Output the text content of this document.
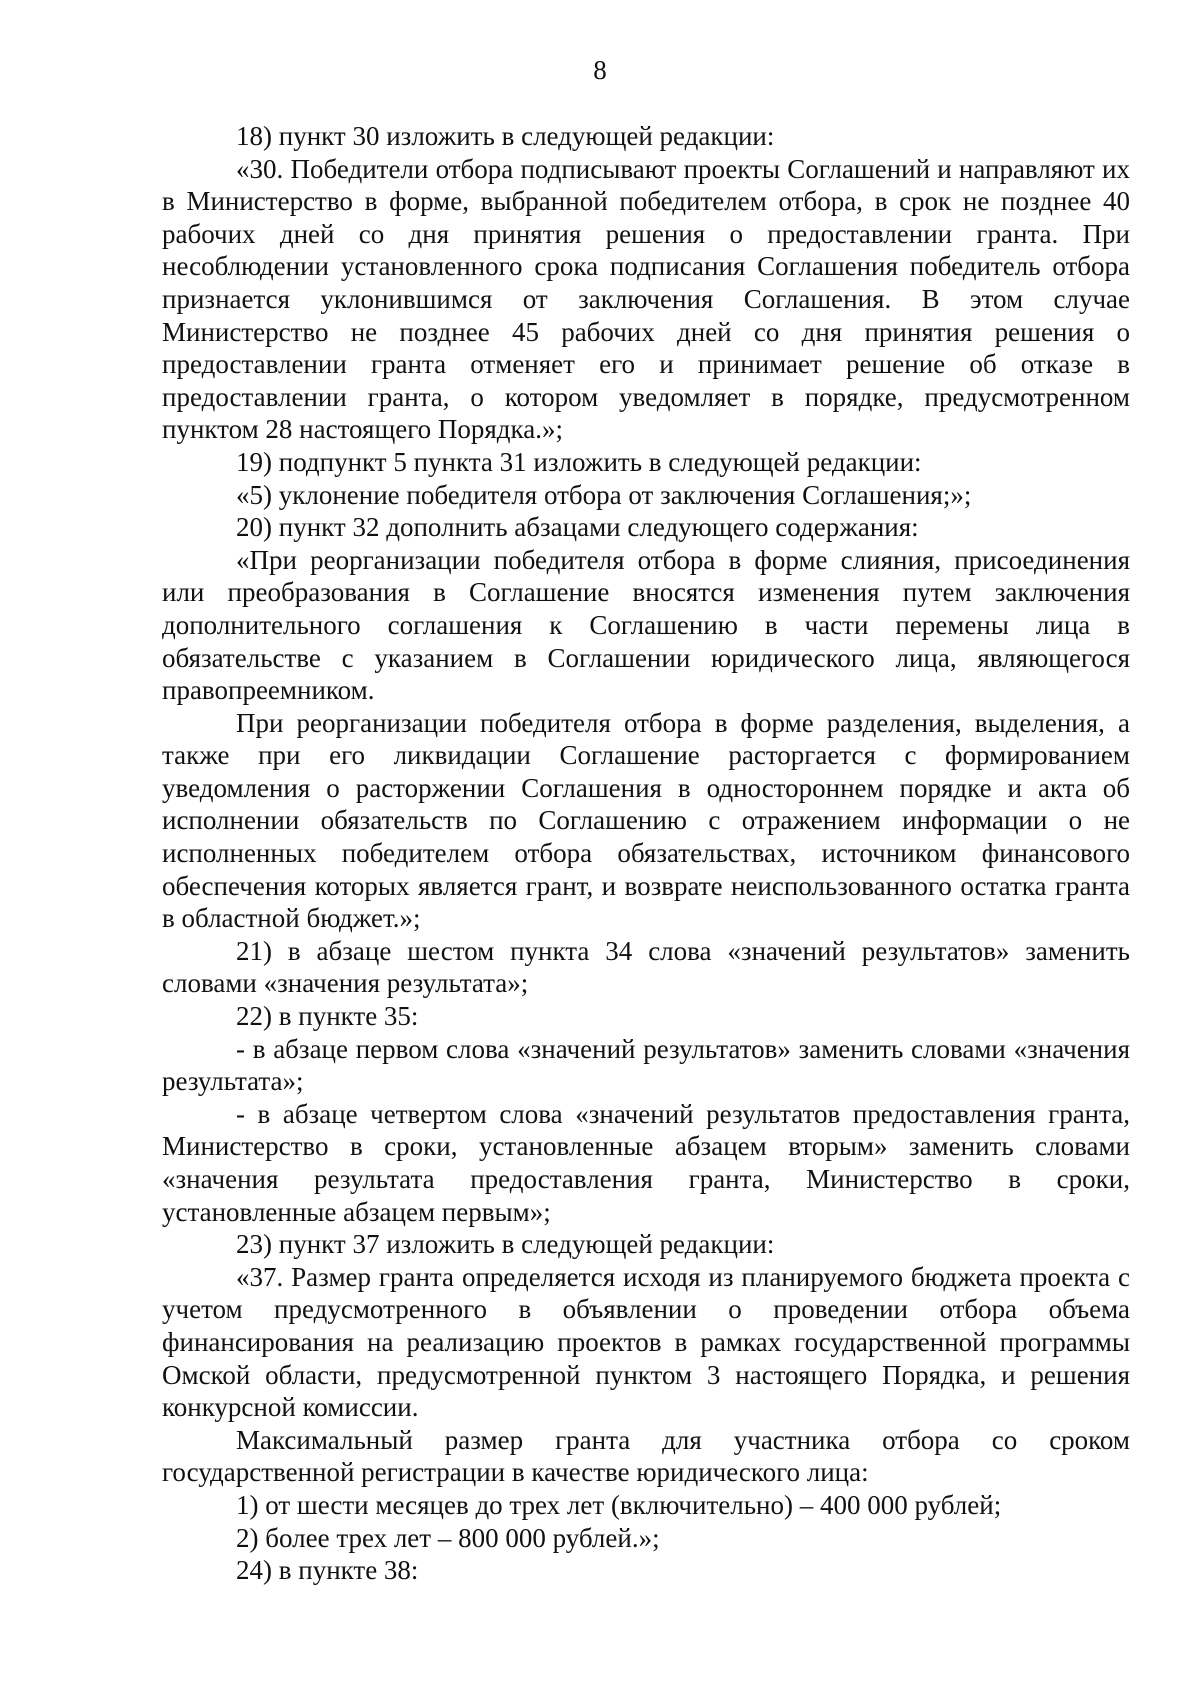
8

18) пункт 30 изложить в следующей редакции:

«30. Победители отбора подписывают проекты Соглашений и направляют их в Министерство в форме, выбранной победителем отбора, в срок не позднее 40 рабочих дней со дня принятия решения о предоставлении гранта. При несоблюдении установленного срока подписания Соглашения победитель отбора признается уклонившимся от заключения Соглашения. В этом случае Министерство не позднее 45 рабочих дней со дня принятия решения о предоставлении гранта отменяет его и принимает решение об отказе в предоставлении гранта, о котором уведомляет в порядке, предусмотренном пунктом 28 настоящего Порядка.»;

19) подпункт 5 пункта 31 изложить в следующей редакции:

«5) уклонение победителя отбора от заключения Соглашения;»;

20) пункт 32 дополнить абзацами следующего содержания:

«При реорганизации победителя отбора в форме слияния, присоединения или преобразования в Соглашение вносятся изменения путем заключения дополнительного соглашения к Соглашению в части перемены лица в обязательстве с указанием в Соглашении юридического лица, являющегося правопреемником.

При реорганизации победителя отбора в форме разделения, выделения, а также при его ликвидации Соглашение расторгается с формированием уведомления о расторжении Соглашения в одностороннем порядке и акта об исполнении обязательств по Соглашению с отражением информации о не исполненных победителем отбора обязательствах, источником финансового обеспечения которых является грант, и возврате неиспользованного остатка гранта в областной бюджет.»;

21) в абзаце шестом пункта 34 слова «значений результатов» заменить словами «значения результата»;

22) в пункте 35:

- в абзаце первом слова «значений результатов» заменить словами «значения результата»;

- в абзаце четвертом слова «значений результатов предоставления гранта, Министерство в сроки, установленные абзацем вторым» заменить словами «значения результата предоставления гранта, Министерство в сроки, установленные абзацем первым»;

23) пункт 37 изложить в следующей редакции:

«37. Размер гранта определяется исходя из планируемого бюджета проекта с учетом предусмотренного в объявлении о проведении отбора объема финансирования на реализацию проектов в рамках государственной программы Омской области, предусмотренной пунктом 3 настоящего Порядка, и решения конкурсной комиссии.

Максимальный размер гранта для участника отбора со сроком государственной регистрации в качестве юридического лица:

1) от шести месяцев до трех лет (включительно) – 400 000 рублей;

2) более трех лет – 800 000 рублей.»;

24) в пункте 38:
